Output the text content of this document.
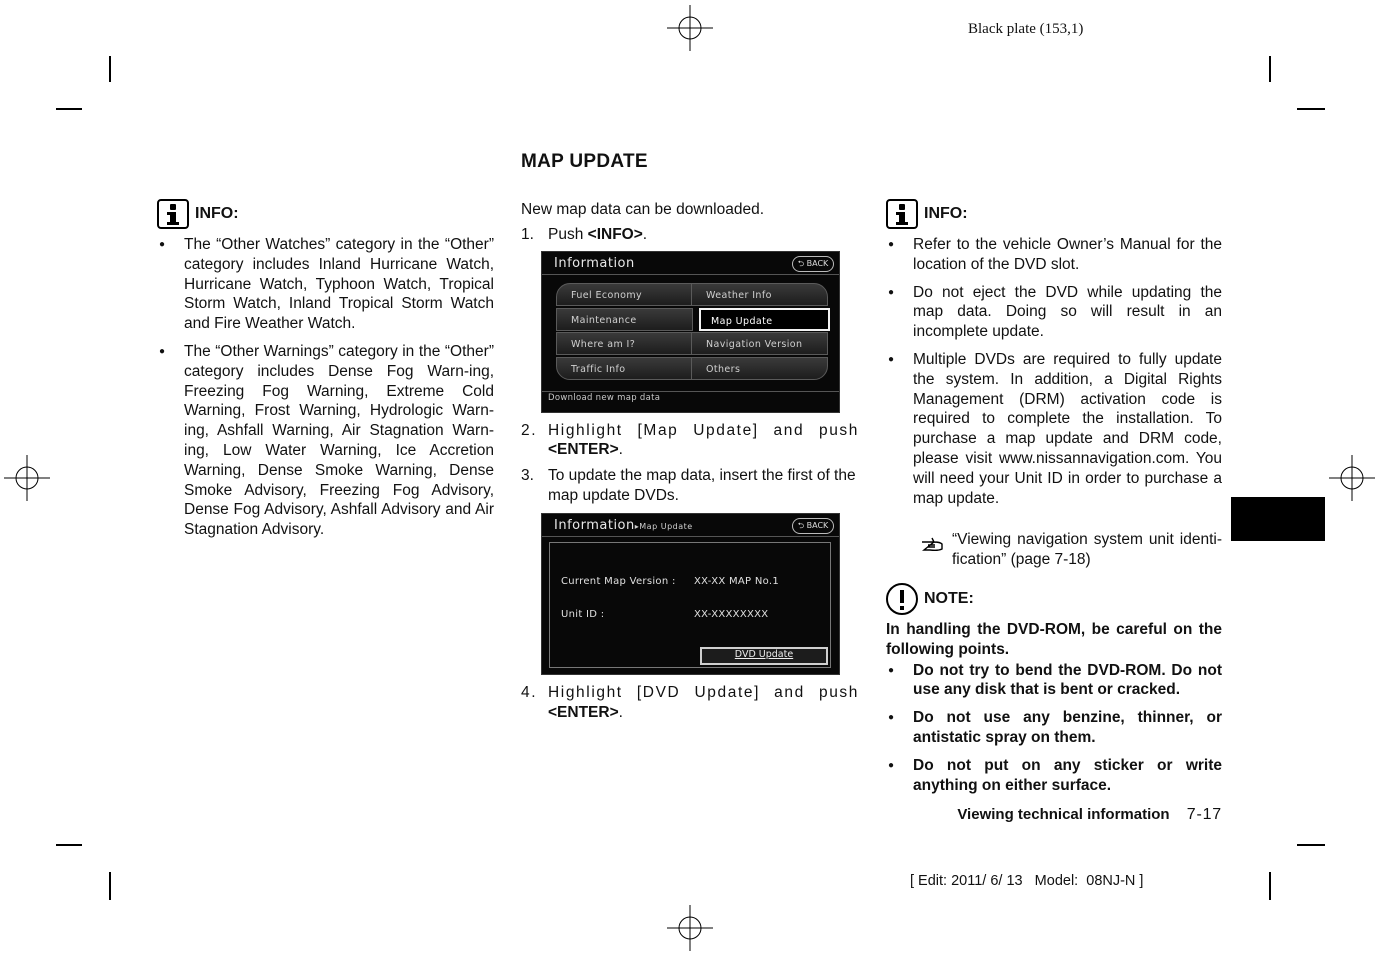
Black plate (153,1)
MAP UPDATE
INFO:
● The “Other Watches” category in the “Other” category includes Inland Hurricane Watch, Hurricane Watch, Typhoon Watch, Tropical Storm Watch, Inland Tropical Storm Watch and Fire Weather Watch.
● The “Other Warnings” category in the “Other” category includes Dense Fog Warn-ing, Freezing Fog Warning, Extreme Cold Warning, Frost Warning, Hydrologic Warn-ing, Ashfall Warning, Air Stagnation Warn-ing, Low Water Warning, Ice Accretion Warning, Dense Smoke Warning, Dense Smoke Advisory, Freezing Fog Advisory, Dense Fog Advisory, Ashfall Advisory and Air Stagnation Advisory.
New map data can be downloaded.
1. Push <INFO>.
Information	⮌ BACK
Fuel Economy
Maintenance
Where am I?
Traffic Info
Weather Info
Map Update
Navigation Version
Others
Download new map data
2. Highlight [Map Update] and push <ENTER>.
3. To update the map data, insert the first of the map update DVDs.
Information▸Map Update	⮌ BACK
Current Map Version : XX-XX MAP No.1
Unit ID :	XX-XXXXXXXX
DVD Update
4. Highlight [DVD Update] and push <ENTER>.
INFO:
● Refer to the vehicle Owner’s Manual for the location of the DVD slot.
● Do not eject the DVD while updating the map data. Doing so will result in an incomplete update.
● Multiple DVDs are required to fully update the system. In addition, a Digital Rights Management (DRM) activation code is required to complete the installation. To purchase a map update and DRM code, please visit www.nissannavigation.com. You will need your Unit ID in order to purchase a map update.
“Viewing navigation system unit identi-fication” (page 7-18)
NOTE:
In handling the DVD-ROM, be careful on the following points.
● Do not try to bend the DVD-ROM. Do not use any disk that is bent or cracked.
● Do not use any benzine, thinner, or antistatic spray on them.
● Do not put on any sticker or write anything on either surface.
Viewing technical information 7-17
[ Edit: 2011/ 6/ 13   Model:  08NJ-N ]
